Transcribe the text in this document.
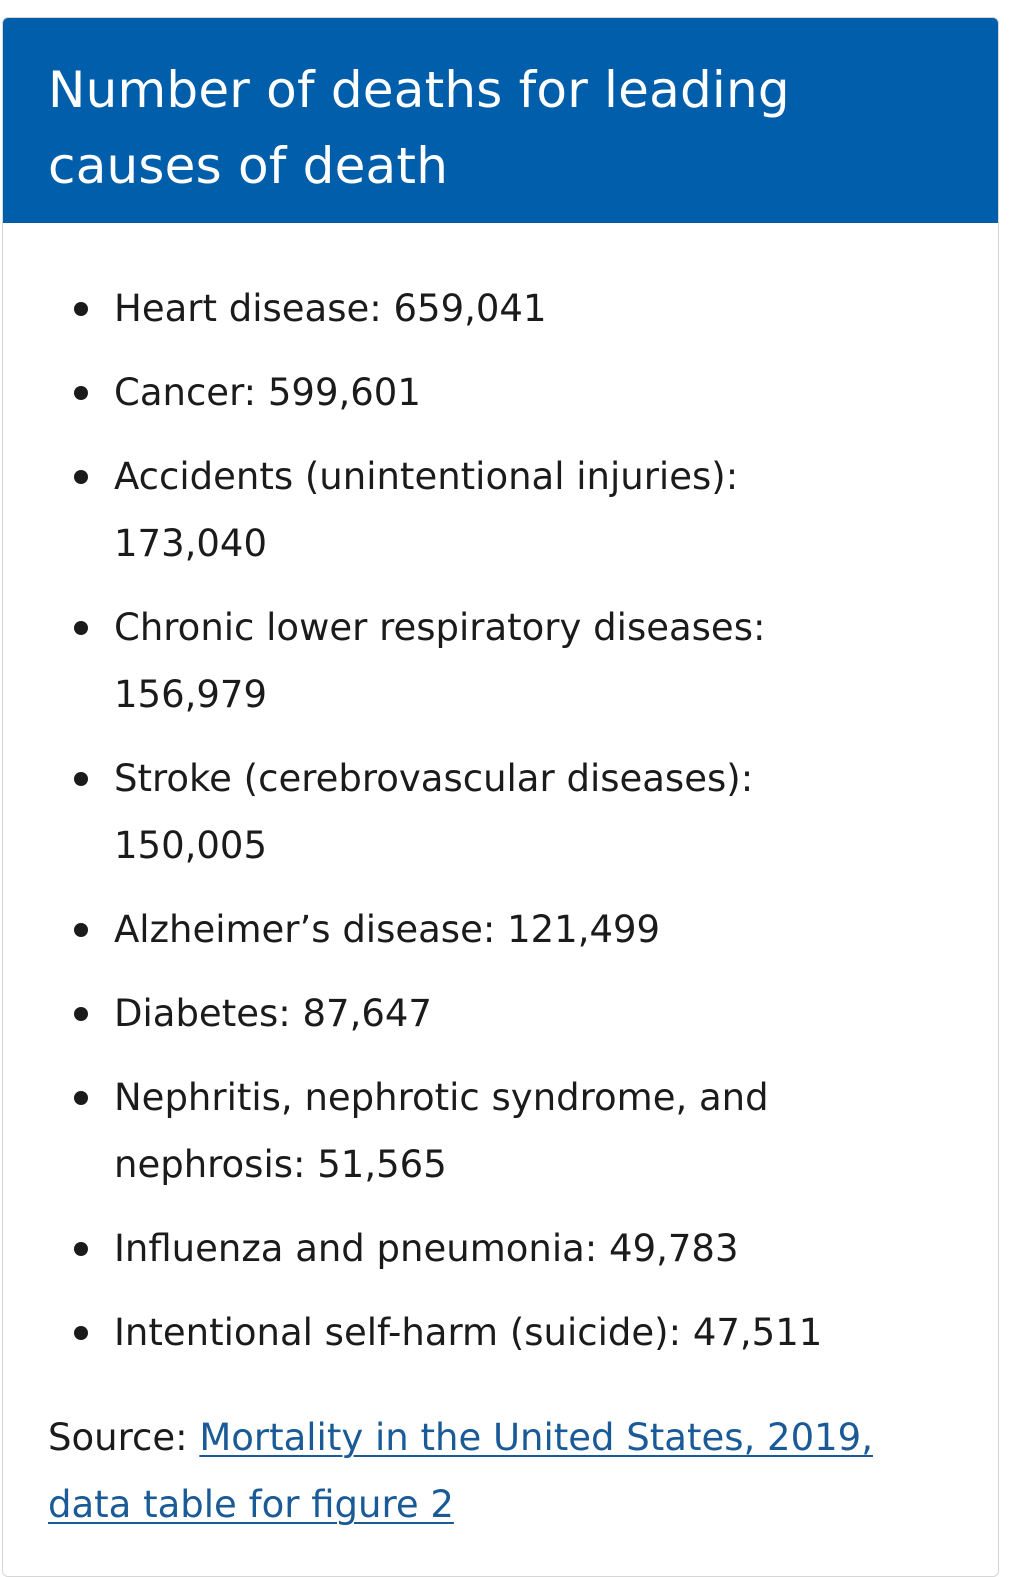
Number of deaths for leading causes of death
Heart disease: 659,041
Cancer: 599,601
Accidents (unintentional injuries): 173,040
Chronic lower respiratory diseases: 156,979
Stroke (cerebrovascular diseases): 150,005
Alzheimer’s disease: 121,499
Diabetes: 87,647
Nephritis, nephrotic syndrome, and nephrosis: 51,565
Influenza and pneumonia: 49,783
Intentional self-harm (suicide): 47,511
Source: Mortality in the United States, 2019, data table for figure 2
